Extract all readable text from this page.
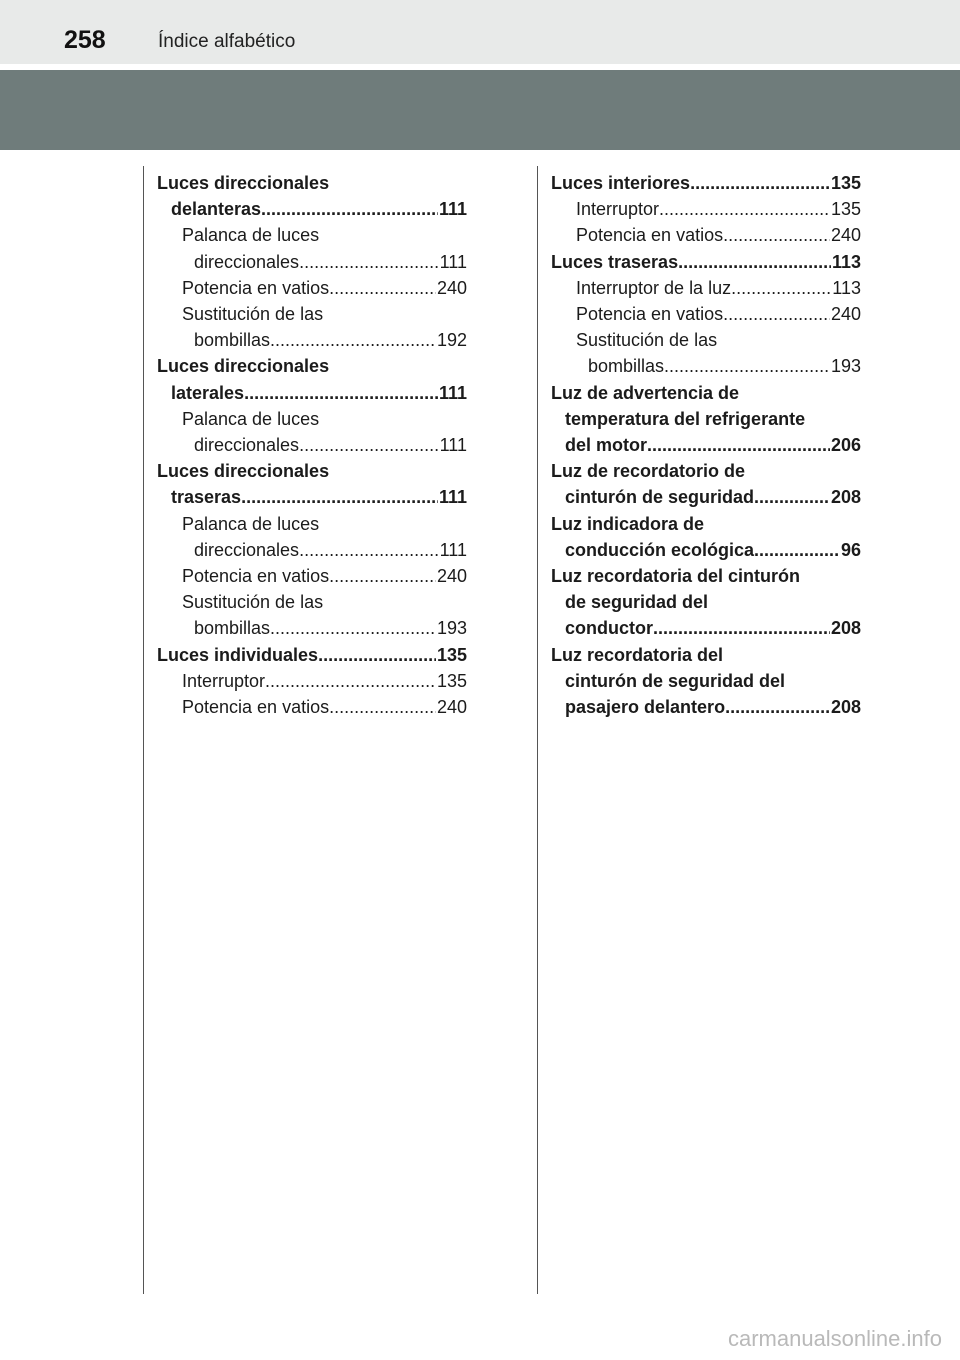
258	Índice alfabético
Luces direccionales
delanteras .....	111
Palanca de luces
direccionales .....	111
Potencia en vatios .....	240
Sustitución de las
bombillas .....	192
Luces direccionales
laterales .....	111
Palanca de luces
direccionales .....	111
Luces direccionales
traseras .....	111
Palanca de luces
direccionales .....	111
Potencia en vatios .....	240
Sustitución de las
bombillas .....	193
Luces individuales .....	135
Interruptor .....	135
Potencia en vatios .....	240
Luces interiores .....	135
Interruptor .....	135
Potencia en vatios .....	240
Luces traseras .....	113
Interruptor de la luz .....	113
Potencia en vatios .....	240
Sustitución de las
bombillas .....	193
Luz de advertencia de
temperatura del refrigerante
del motor .....	206
Luz de recordatorio de
cinturón de seguridad .....	208
Luz indicadora de
conducción ecológica .....	96
Luz recordatoria del cinturón
de seguridad del
conductor .....	208
Luz recordatoria del
cinturón de seguridad del
pasajero delantero .....	208
carmanualsonline.info
